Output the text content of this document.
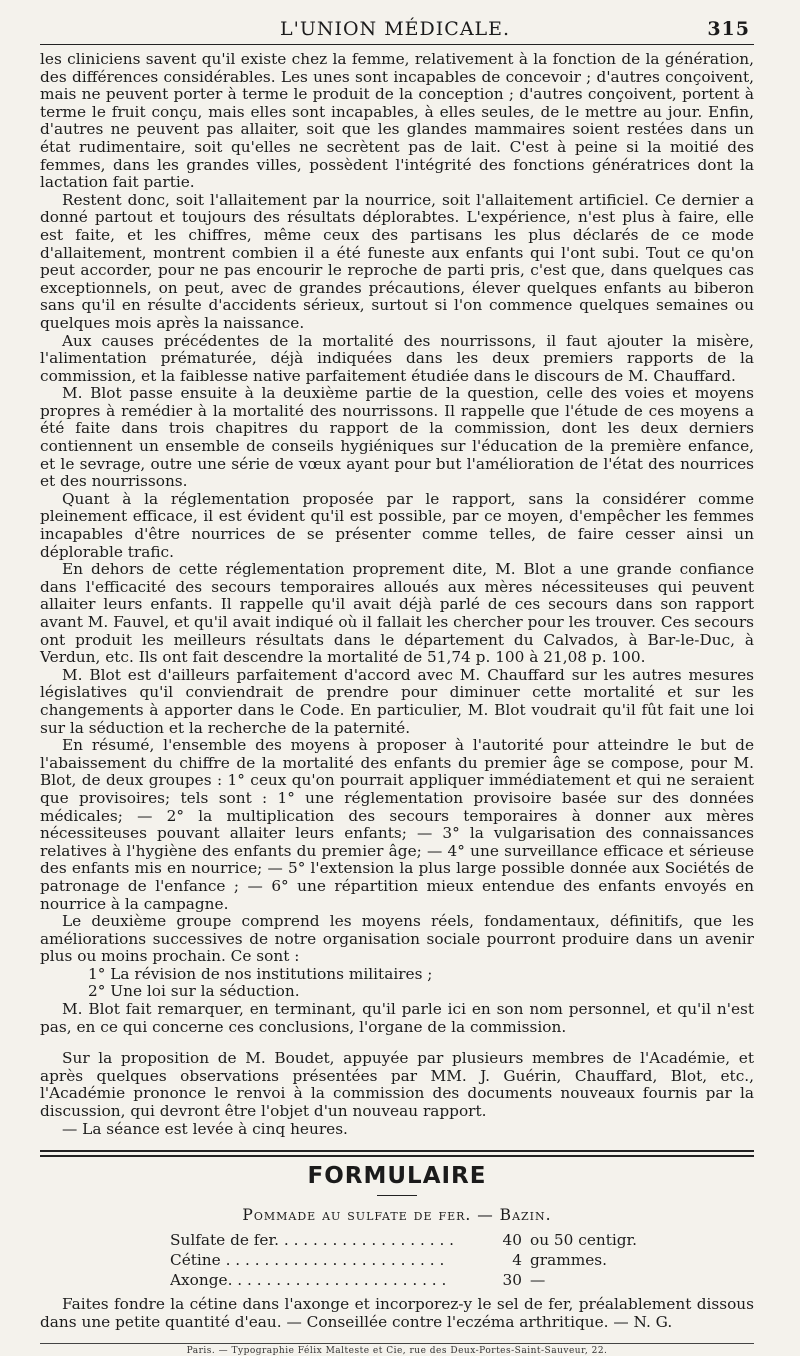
L'UNION MÉDICALE.	315

les cliniciens savent qu'il existe chez la femme, relativement à la fonction de la génération, des différences considérables. Les unes sont incapables de concevoir ; d'autres conçoivent, mais ne peuvent porter à terme le produit de la conception ; d'autres conçoivent, portent à terme le fruit conçu, mais elles sont incapables, à elles seules, de le mettre au jour. Enfin, d'autres ne peuvent pas allaiter, soit que les glandes mammaires soient restées dans un état rudimentaire, soit qu'elles ne secrètent pas de lait. C'est à peine si la moitié des femmes, dans les grandes villes, possèdent l'intégrité des fonctions génératrices dont la lactation fait partie.

Restent donc, soit l'allaitement par la nourrice, soit l'allaitement artificiel. Ce dernier a donné partout et toujours des résultats déplorabtes. L'expérience, n'est plus à faire, elle est faite, et les chiffres, même ceux des partisans les plus déclarés de ce mode d'allaitement, montrent combien il a été funeste aux enfants qui l'ont subi. Tout ce qu'on peut accorder, pour ne pas encourir le reproche de parti pris, c'est que, dans quelques cas exceptionnels, on peut, avec de grandes précautions, élever quelques enfants au biberon sans qu'il en résulte d'accidents sérieux, surtout si l'on commence quelques semaines ou quelques mois après la naissance.

Aux causes précédentes de la mortalité des nourrissons, il faut ajouter la misère, l'alimentation prématurée, déjà indiquées dans les deux premiers rapports de la commission, et la faiblesse native parfaitement étudiée dans le discours de M. Chauffard.

M. Blot passe ensuite à la deuxième partie de la question, celle des voies et moyens propres à remédier à la mortalité des nourrissons. Il rappelle que l'étude de ces moyens a été faite dans trois chapitres du rapport de la commission, dont les deux derniers contiennent un ensemble de conseils hygiéniques sur l'éducation de la première enfance, et le sevrage, outre une série de vœux ayant pour but l'amélioration de l'état des nourrices et des nourrissons.

Quant à la réglementation proposée par le rapport, sans la considérer comme pleinement efficace, il est évident qu'il est possible, par ce moyen, d'empêcher les femmes incapables d'être nourrices de se présenter comme telles, de faire cesser ainsi un déplorable trafic.

En dehors de cette réglementation proprement dite, M. Blot a une grande confiance dans l'efficacité des secours temporaires alloués aux mères nécessiteuses qui peuvent allaiter leurs enfants. Il rappelle qu'il avait déjà parlé de ces secours dans son rapport avant M. Fauvel, et qu'il avait indiqué où il fallait les chercher pour les trouver. Ces secours ont produit les meilleurs résultats dans le département du Calvados, à Bar-le-Duc, à Verdun, etc. Ils ont fait descendre la mortalité de 51,74 p. 100 à 21,08 p. 100.

M. Blot est d'ailleurs parfaitement d'accord avec M. Chauffard sur les autres mesures législatives qu'il conviendrait de prendre pour diminuer cette mortalité et sur les changements à apporter dans le Code. En particulier, M. Blot voudrait qu'il fût fait une loi sur la séduction et la recherche de la paternité.

En résumé, l'ensemble des moyens à proposer à l'autorité pour atteindre le but de l'abaissement du chiffre de la mortalité des enfants du premier âge se compose, pour M. Blot, de deux groupes : 1° ceux qu'on pourrait appliquer immédiatement et qui ne seraient que provisoires; tels sont : 1° une réglementation provisoire basée sur des données médicales; — 2° la multiplication des secours temporaires à donner aux mères nécessiteuses pouvant allaiter leurs enfants; — 3° la vulgarisation des connaissances relatives à l'hygiène des enfants du premier âge; — 4° une surveillance efficace et sérieuse des enfants mis en nourrice; — 5° l'extension la plus large possible donnée aux Sociétés de patronage de l'enfance ; — 6° une répartition mieux entendue des enfants envoyés en nourrice à la campagne.

Le deuxième groupe comprend les moyens réels, fondamentaux, définitifs, que les améliorations successives de notre organisation sociale pourront produire dans un avenir plus ou moins prochain. Ce sont :

1° La révision de nos institutions militaires ;

2° Une loi sur la séduction.

M. Blot fait remarquer, en terminant, qu'il parle ici en son nom personnel, et qu'il n'est pas, en ce qui concerne ces conclusions, l'organe de la commission.

Sur la proposition de M. Boudet, appuyée par plusieurs membres de l'Académie, et après quelques observations présentées par MM. J. Guérin, Chauffard, Blot, etc., l'Académie prononce le renvoi à la commission des documents nouveaux fournis par la discussion, qui devront être l'objet d'un nouveau rapport.

— La séance est levée à cinq heures.

FORMULAIRE
Pommade au sulfate de fer. — Bazin.
Sulfate de fer. . . . . . . . . . . . . . . . . . .	40 ou 50 centigr.
Cétine . . . . . . . . . . . . . . . . . . . . . . .	4 grammes.
Axonge. . . . . . . . . . . . . . . . . . . . . . .	30 —

Faites fondre la cétine dans l'axonge et incorporez-y le sel de fer, préalablement dissous dans une petite quantité d'eau. — Conseillée contre l'eczéma arthritique. — N. G.

Paris. — Typographie Félix Malteste et Cie, rue des Deux-Portes-Saint-Sauveur, 22.
